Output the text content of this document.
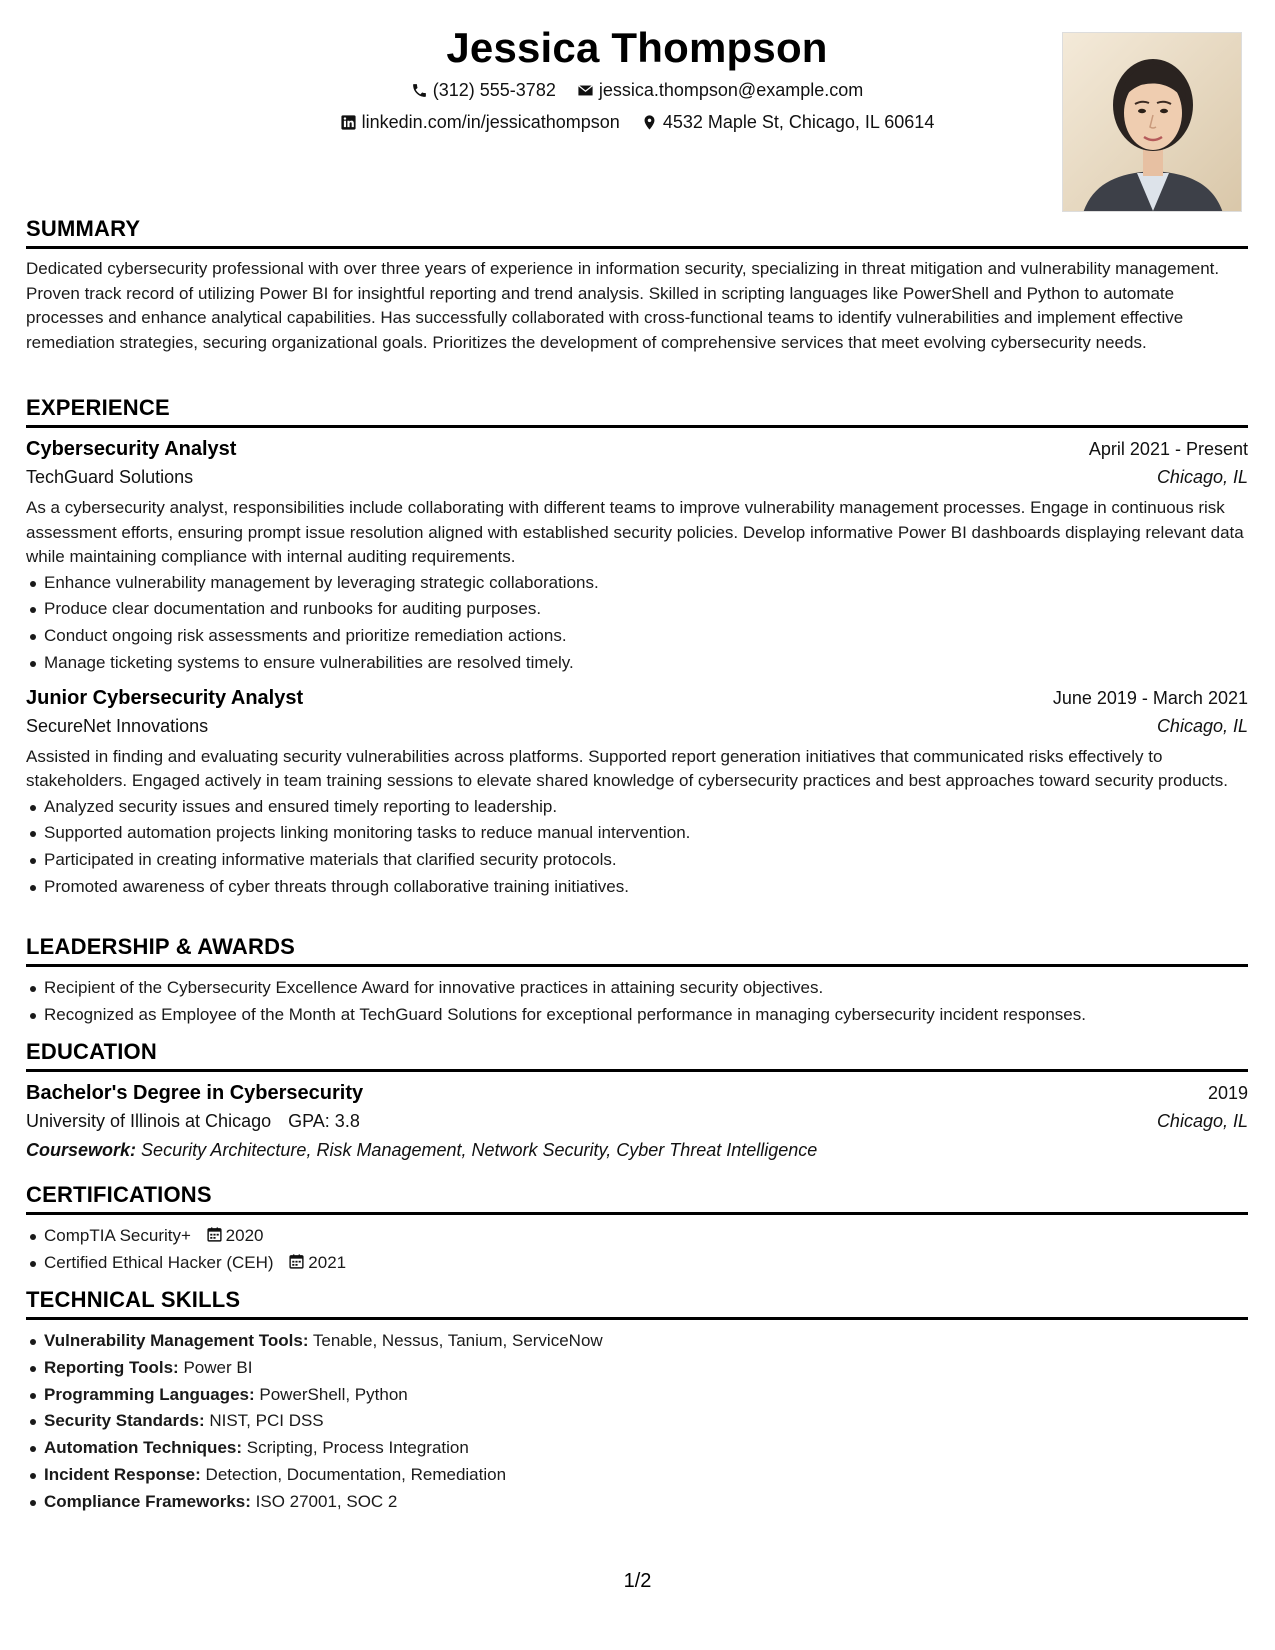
Jessica Thompson
(312) 555-3782
jessica.thompson@example.com
linkedin.com/in/jessicathompson
4532 Maple St, Chicago, IL 60614
SUMMARY
Dedicated cybersecurity professional with over three years of experience in information security, specializing in threat mitigation and vulnerability management. Proven track record of utilizing Power BI for insightful reporting and trend analysis. Skilled in scripting languages like PowerShell and Python to automate processes and enhance analytical capabilities. Has successfully collaborated with cross-functional teams to identify vulnerabilities and implement effective remediation strategies, securing organizational goals. Prioritizes the development of comprehensive services that meet evolving cybersecurity needs.
EXPERIENCE
Cybersecurity Analyst	April 2021 - Present
TechGuard Solutions	Chicago, IL
As a cybersecurity analyst, responsibilities include collaborating with different teams to improve vulnerability management processes. Engage in continuous risk assessment efforts, ensuring prompt issue resolution aligned with established security policies. Develop informative Power BI dashboards displaying relevant data while maintaining compliance with internal auditing requirements.
Enhance vulnerability management by leveraging strategic collaborations.
Produce clear documentation and runbooks for auditing purposes.
Conduct ongoing risk assessments and prioritize remediation actions.
Manage ticketing systems to ensure vulnerabilities are resolved timely.
Junior Cybersecurity Analyst	June 2019 - March 2021
SecureNet Innovations	Chicago, IL
Assisted in finding and evaluating security vulnerabilities across platforms. Supported report generation initiatives that communicated risks effectively to stakeholders. Engaged actively in team training sessions to elevate shared knowledge of cybersecurity practices and best approaches toward security products.
Analyzed security issues and ensured timely reporting to leadership.
Supported automation projects linking monitoring tasks to reduce manual intervention.
Participated in creating informative materials that clarified security protocols.
Promoted awareness of cyber threats through collaborative training initiatives.
LEADERSHIP & AWARDS
Recipient of the Cybersecurity Excellence Award for innovative practices in attaining security objectives.
Recognized as Employee of the Month at TechGuard Solutions for exceptional performance in managing cybersecurity incident responses.
EDUCATION
Bachelor's Degree in Cybersecurity	2019
University of Illinois at Chicago GPA: 3.8	Chicago, IL
Coursework: Security Architecture, Risk Management, Network Security, Cyber Threat Intelligence
CERTIFICATIONS
CompTIA Security+ 2020
Certified Ethical Hacker (CEH) 2021
TECHNICAL SKILLS
Vulnerability Management Tools: Tenable, Nessus, Tanium, ServiceNow
Reporting Tools: Power BI
Programming Languages: PowerShell, Python
Security Standards: NIST, PCI DSS
Automation Techniques: Scripting, Process Integration
Incident Response: Detection, Documentation, Remediation
Compliance Frameworks: ISO 27001, SOC 2
1/2
